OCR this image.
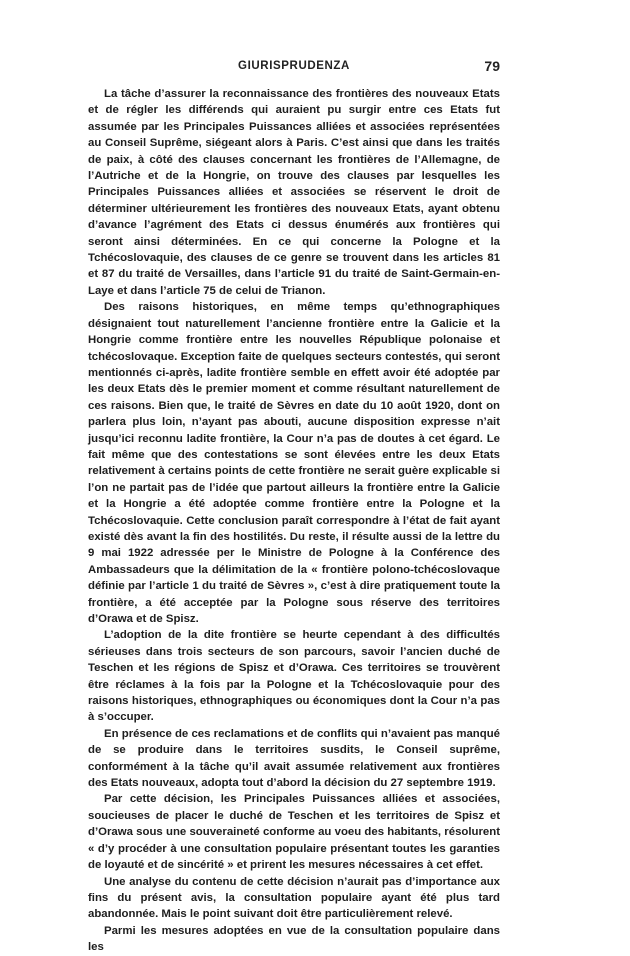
GIURISPRUDENZA	79

La tâche d’assurer la reconnaissance des frontières des nouveaux Etats et de régler les différends qui auraient pu surgir entre ces Etats fut assumée par les Principales Puissances alliées et associées représentées au Conseil Suprême, siégeant alors à Paris. C’est ainsi que dans les traités de paix, à côté des clauses concernant les frontières de l’Allemagne, de l’Autriche et de la Hongrie, on trouve des clauses par lesquelles les Principales Puissances alliées et associées se réservent le droit de déterminer ultérieurement les frontières des nouveaux Etats, ayant obtenu d’avance l’agrément des Etats ci dessus énumérés aux frontières qui seront ainsi déterminées. En ce qui concerne la Pologne et la Tchécoslovaquie, des clauses de ce genre se trouvent dans les articles 81 et 87 du traité de Versailles, dans l’article 91 du traité de Saint-Germain-en-Laye et dans l’article 75 de celui de Trianon.

Des raisons historiques, en même temps qu’ethnographiques désignaient tout naturellement l’ancienne frontière entre la Galicie et la Hongrie comme frontière entre les nouvelles République polonaise et tchécoslovaque. Exception faite de quelques secteurs contestés, qui seront mentionnés ci-après, ladite frontière semble en effett avoir été adoptée par les deux Etats dès le premier moment et comme résultant naturellement de ces raisons. Bien que, le traité de Sèvres en date du 10 août 1920, dont on parlera plus loin, n’ayant pas abouti, aucune disposition expresse n’ait jusqu’ici reconnu ladite frontière, la Cour n’a pas de doutes à cet égard. Le fait même que des contestations se sont élevées entre les deux Etats relativement à certains points de cette frontière ne serait guère explicable si l’on ne partait pas de l’idée que partout ailleurs la frontière entre la Galicie et la Hongrie a été adoptée comme frontière entre la Pologne et la Tchécoslovaquie. Cette conclusion paraît correspondre à l’état de fait ayant existé dès avant la fin des hostilités. Du reste, il résulte aussi de la lettre du 9 mai 1922 adressée per le Ministre de Pologne à la Conférence des Ambassadeurs que la délimitation de la « frontière polono-tchécoslovaque définie par l’article 1 du traité de Sèvres », c’est à dire pratiquement toute la frontière, a été acceptée par la Pologne sous réserve des territoires d’Orawa et de Spisz.

L’adoption de la dite frontière se heurte cependant à des difficultés sérieuses dans trois secteurs de son parcours, savoir l’ancien duché de Teschen et les régions de Spisz et d’Orawa. Ces territoires se trouvèrent être réclames à la fois par la Pologne et la Tchécoslovaquie pour des raisons historiques, ethnographiques ou économiques dont la Cour n’a pas à s’occuper.

En présence de ces reclamations et de conflits qui n’avaient pas manqué de se produire dans le territoires susdits, le Conseil suprême, conformément à la tâche qu’il avait assumée relativement aux frontières des Etats nouveaux, adopta tout d’abord la décision du 27 septembre 1919.

Par cette décision, les Principales Puissances alliées et associées, soucieuses de placer le duché de Teschen et les territoires de Spisz et d’Orawa sous une souveraineté conforme au voeu des habitants, résolurent « d’y procéder à une consultation populaire présentant toutes les garanties de loyauté et de sincérité » et prirent les mesures nécessaires à cet effet.

Une analyse du contenu de cette décision n’aurait pas d’importance aux fins du présent avis, la consultation populaire ayant été plus tard abandonnée. Mais le point suivant doit être particulièrement relevé.

Parmi les mesures adoptées en vue de la consultation populaire dans les
